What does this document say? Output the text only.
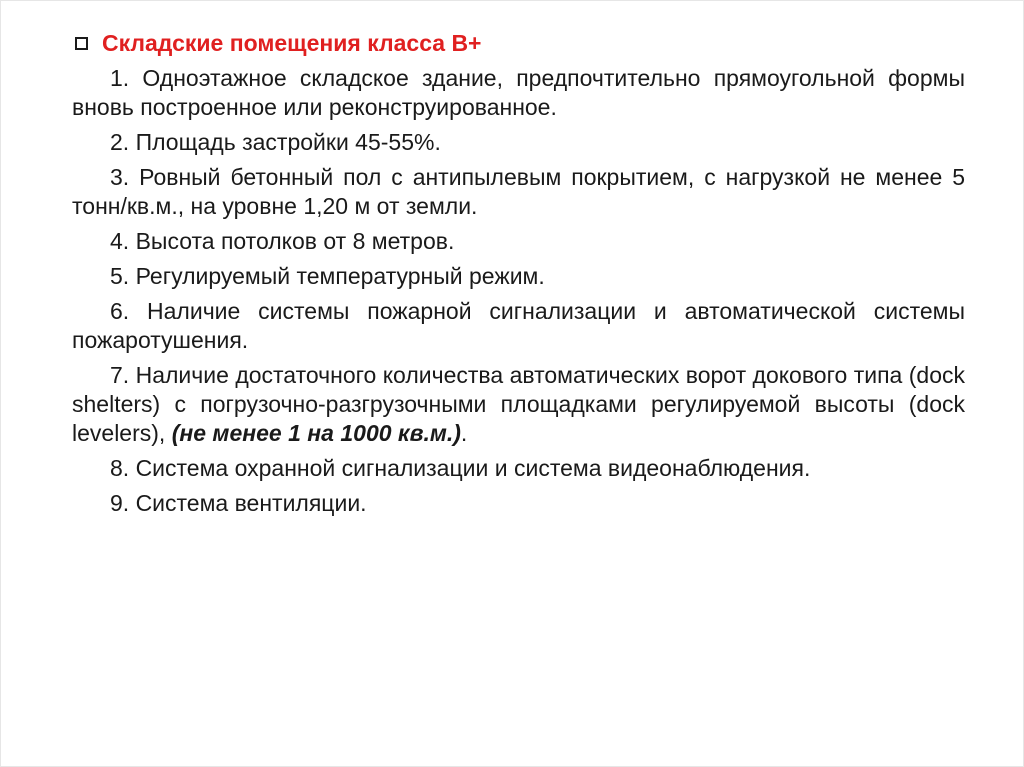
Складские помещения класса В+

1. Одноэтажное складское здание, предпочтительно прямоугольной формы вновь построенное или реконструированное.

2. Площадь застройки 45-55%.

3. Ровный бетонный пол с антипылевым покрытием, с нагрузкой не менее 5 тонн/кв.м., на уровне 1,20 м от земли.

4. Высота потолков от 8 метров.

5. Регулируемый температурный режим.

6. Наличие системы пожарной сигнализации и автоматической системы пожаротушения.

7. Наличие достаточного количества автоматических ворот докового типа (dock shelters) с погрузочно-разгрузочными площадками регулируемой высоты (dock levelers), (не менее 1 на 1000 кв.м.).

8. Система охранной сигнализации и система видеонаблюдения.

9. Система вентиляции.
